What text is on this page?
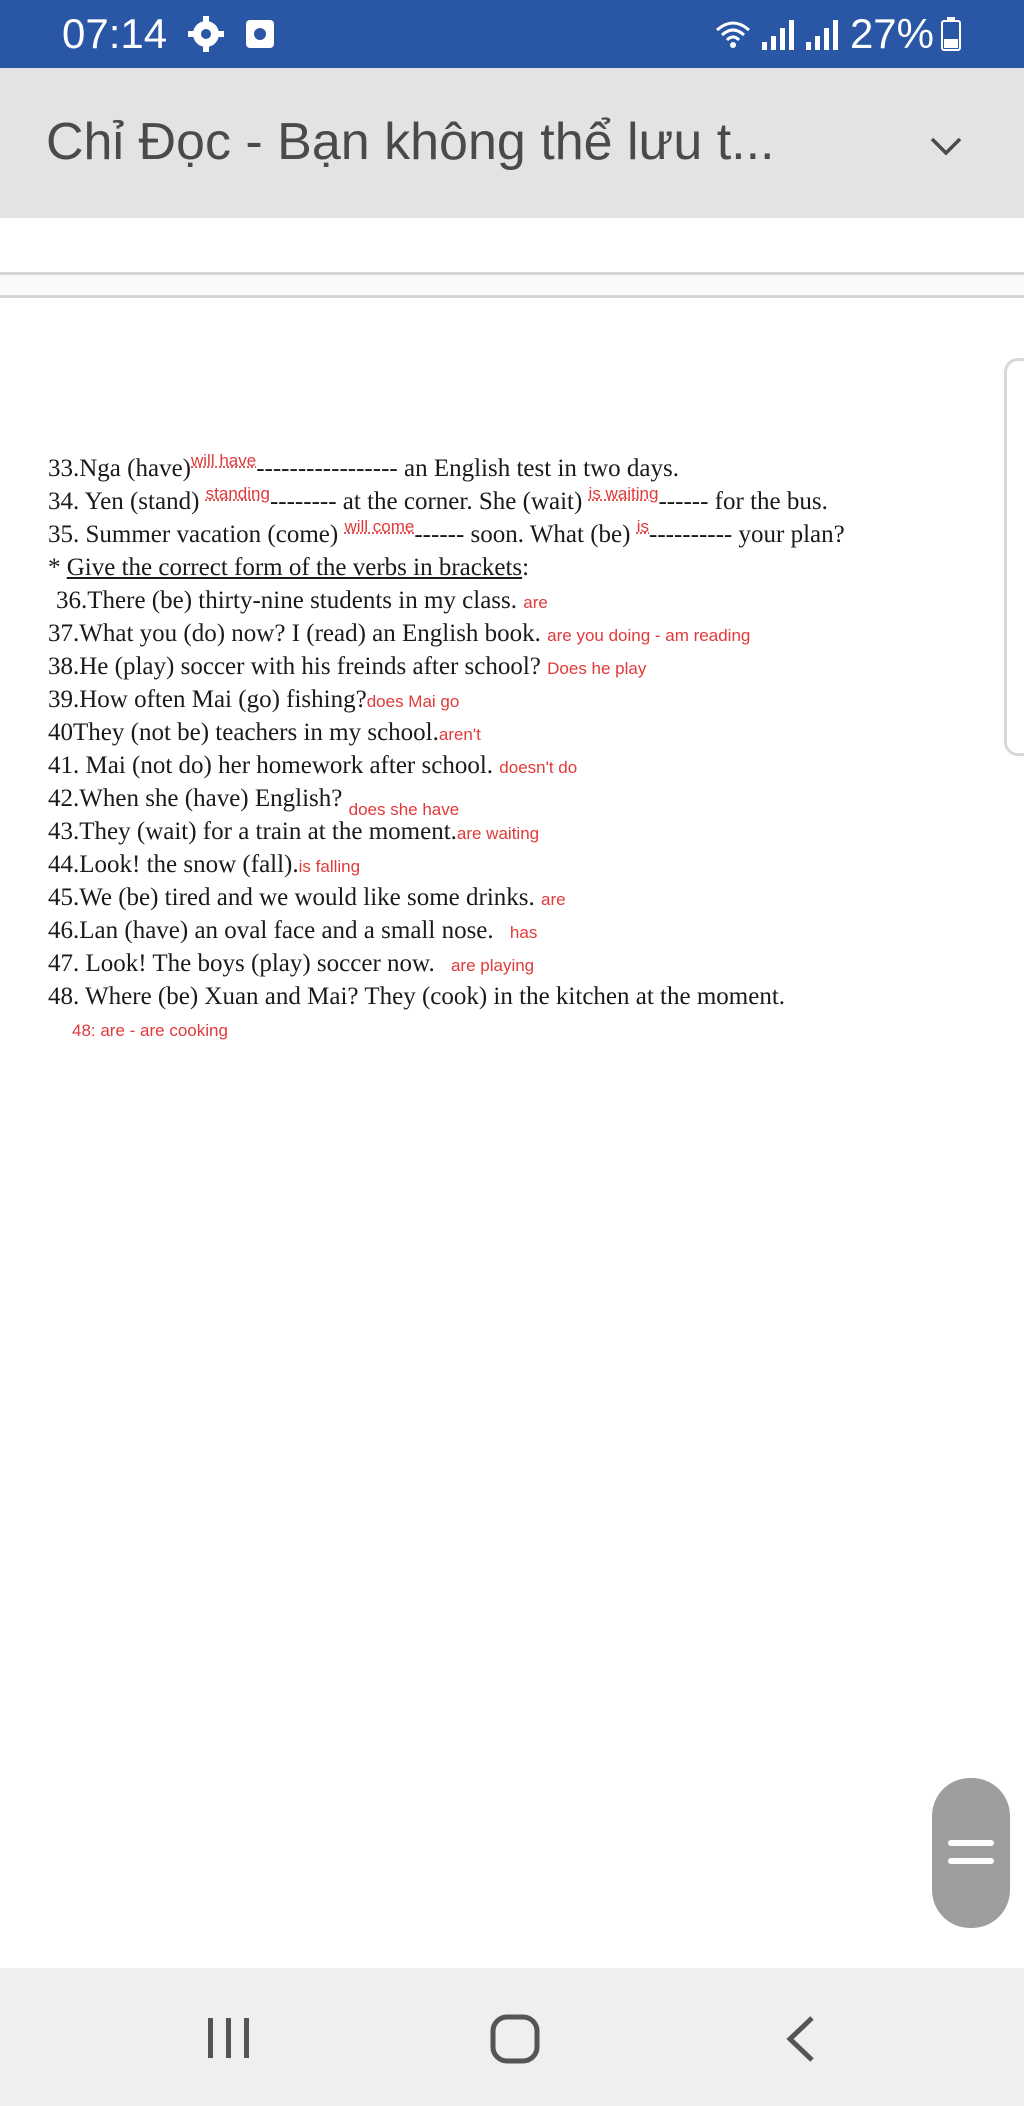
07:14	27%
Chỉ Đọc - Bạn không thể lưu t...
33.Nga (have)$^{will have}$----------------- an English test in two days.
34. Yen (stand) $^{standing}$-------- at the corner. She (wait) $^{is waiting}$------ for the bus.
35. Summer vacation (come) $^{will come}$------ soon. What (be) $^{is}$---------- your plan?
* Give the correct form of the verbs in brackets:
36.There (be) thirty-nine students in my class. are
37.What you (do) now? I (read) an English book. are you doing - am reading
38.He (play) soccer with his freinds after school? Does he play
39.How often Mai (go) fishing?does Mai go
40They (not be) teachers in my school.aren't
41. Mai (not do) her homework after school. doesn't do
42.When she (have) English? $_{does she have}$
43.They (wait) for a train at the moment.are waiting
44.Look! the snow (fall).is falling
45.We (be) tired and we would like some drinks. are
46.Lan (have) an oval face and a small nose. has
47. Look! The boys (play) soccer now. are playing
48. Where (be) Xuan and Mai? They (cook) in the kitchen at the moment.
48: are - are cooking
